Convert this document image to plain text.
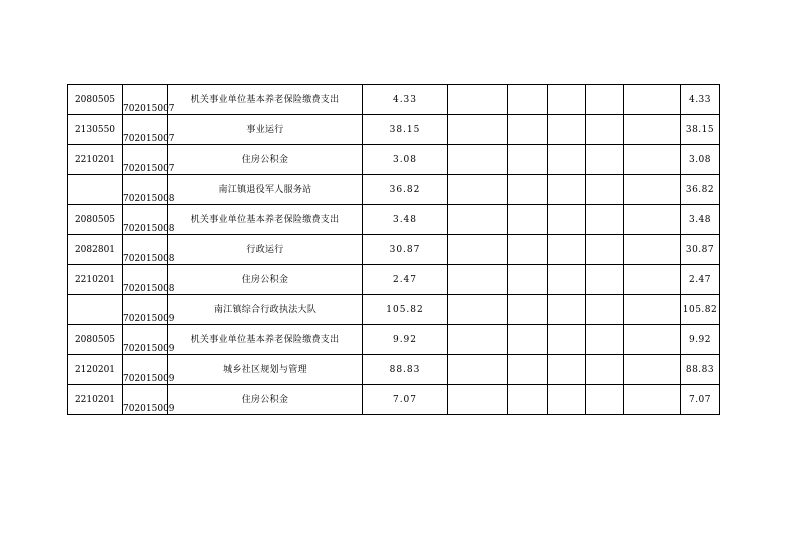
2080505	702015007	机关事业单位基本养老保险缴费支出	4.33						4.33
2130550	702015007	事业运行	38.15						38.15
2210201	702015007	住房公积金	3.08						3.08
	702015008	南江镇退役军人服务站	36.82						36.82
2080505	702015008	机关事业单位基本养老保险缴费支出	3.48						3.48
2082801	702015008	行政运行	30.87						30.87
2210201	702015008	住房公积金	2.47						2.47
	702015009	南江镇综合行政执法大队	105.82						105.82
2080505	702015009	机关事业单位基本养老保险缴费支出	9.92						9.92
2120201	702015009	城乡社区规划与管理	88.83						88.83
2210201	702015009	住房公积金	7.07						7.07
